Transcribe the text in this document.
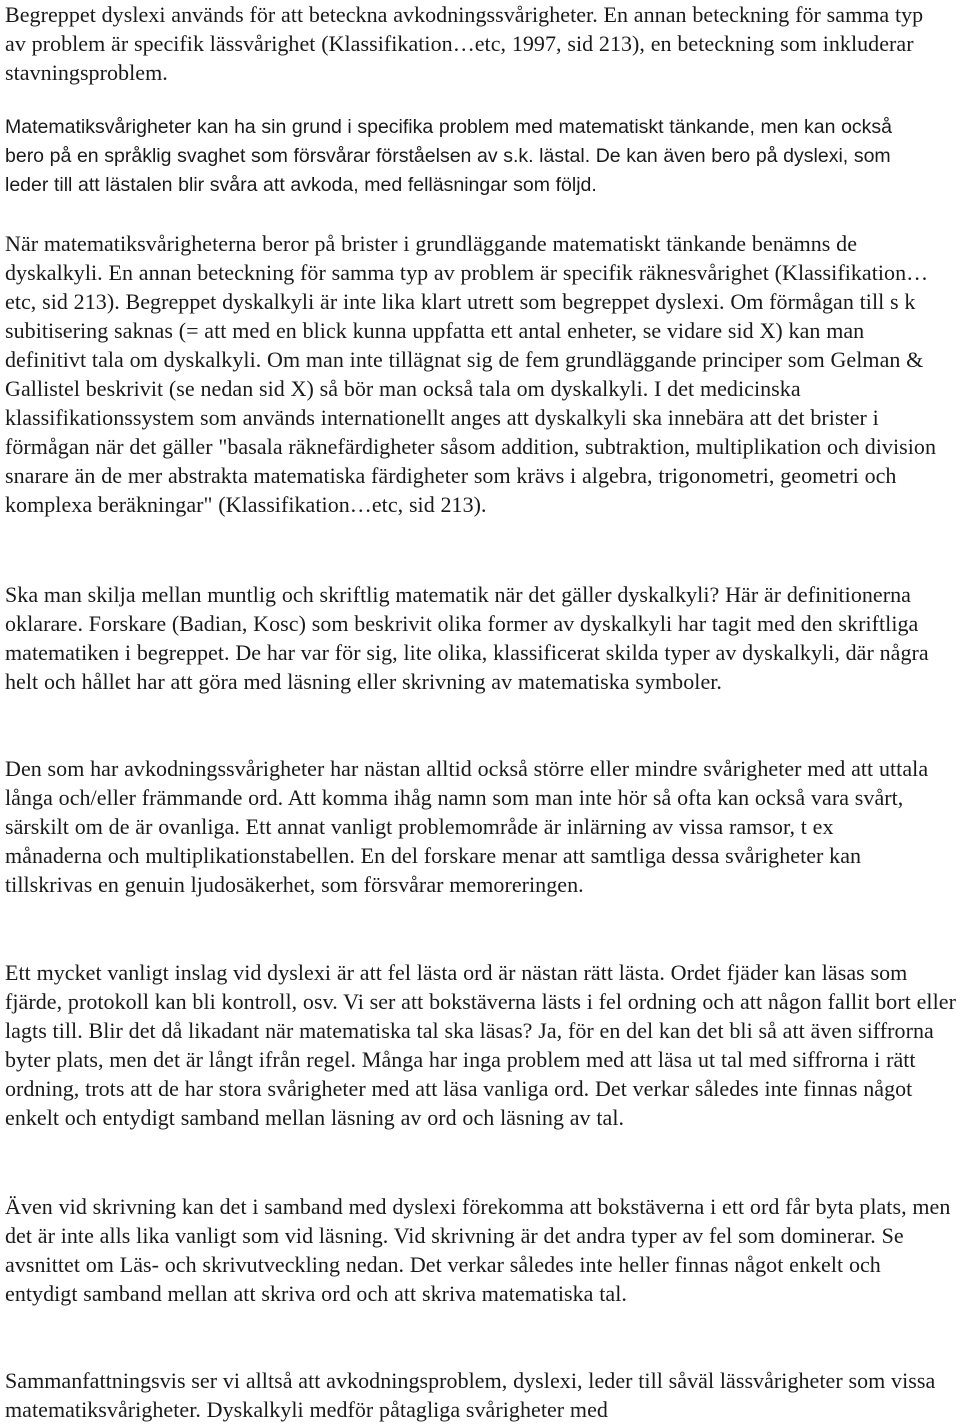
Begreppet dyslexi används för att beteckna avkodningssvårigheter. En annan beteckning för samma typ av problem är specifik lässvårighet (Klassifikation…etc, 1997, sid 213), en beteckning som inkluderar stavningsproblem.

Matematiksvårigheter kan ha sin grund i specifika problem med matematiskt tänkande, men kan också bero på en språklig svaghet som försvårar förståelsen av s.k. lästal. De kan även bero på dyslexi, som leder till att lästalen blir svåra att avkoda, med felläsningar som följd.

När matematiksvårigheterna beror på brister i grundläggande matematiskt tänkande benämns de dyskalkyli. En annan beteckning för samma typ av problem är specifik räknesvårighet (Klassifikation…etc, sid 213). Begreppet dyskalkyli är inte lika klart utrett som begreppet dyslexi. Om förmågan till s k subitisering saknas (= att med en blick kunna uppfatta ett antal enheter, se vidare sid X) kan man definitivt tala om dyskalkyli. Om man inte tillägnat sig de fem grundläggande principer som Gelman & Gallistel beskrivit (se nedan sid X) så bör man också tala om dyskalkyli. I det medicinska klassifikationssystem som används internationellt anges att dyskalkyli ska innebära att det brister i förmågan när det gäller "basala räknefärdigheter såsom addition, subtraktion, multiplikation och division snarare än de mer abstrakta matematiska färdigheter som krävs i algebra, trigonometri, geometri och komplexa beräkningar" (Klassifikation…etc, sid 213).

Ska man skilja mellan muntlig och skriftlig matematik när det gäller dyskalkyli? Här är definitionerna oklarare. Forskare (Badian, Kosc) som beskrivit olika former av dyskalkyli har tagit med den skriftliga matematiken i begreppet. De har var för sig, lite olika, klassificerat skilda typer av dyskalkyli, där några helt och hållet har att göra med läsning eller skrivning av matematiska symboler.

Den som har avkodningssvårigheter har nästan alltid också större eller mindre svårigheter med att uttala långa och/eller främmande ord. Att komma ihåg namn som man inte hör så ofta kan också vara svårt, särskilt om de är ovanliga. Ett annat vanligt problemområde är inlärning av vissa ramsor, t ex månaderna och multiplikationstabellen. En del forskare menar att samtliga dessa svårigheter kan tillskrivas en genuin ljudosäkerhet, som försvårar memoreringen.

Ett mycket vanligt inslag vid dyslexi är att fel lästa ord är nästan rätt lästa. Ordet fjäder kan läsas som fjärde, protokoll kan bli kontroll, osv. Vi ser att bokstäverna lästs i fel ordning och att någon fallit bort eller lagts till. Blir det då likadant när matematiska tal ska läsas? Ja, för en del kan det bli så att även siffrorna byter plats, men det är långt ifrån regel. Många har inga problem med att läsa ut tal med siffrorna i rätt ordning, trots att de har stora svårigheter med att läsa vanliga ord. Det verkar således inte finnas något enkelt och entydigt samband mellan läsning av ord och läsning av tal.

Även vid skrivning kan det i samband med dyslexi förekomma att bokstäverna i ett ord får byta plats, men det är inte alls lika vanligt som vid läsning. Vid skrivning är det andra typer av fel som dominerar. Se avsnittet om Läs- och skrivutveckling nedan. Det verkar således inte heller finnas något enkelt och entydigt samband mellan att skriva ord och att skriva matematiska tal.

Sammanfattningsvis ser vi alltså att avkodningsproblem, dyslexi, leder till såväl lässvårigheter som vissa matematiksvårigheter. Dyskalkyli medför påtagliga svårigheter med
